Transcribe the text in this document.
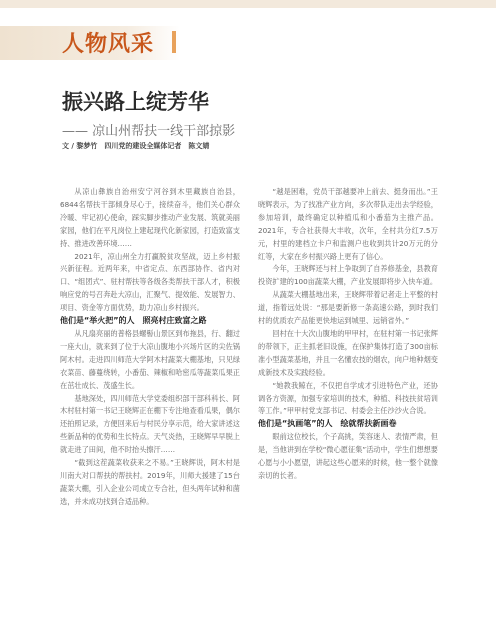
人物风采
振兴路上绽芳华
—— 凉山州帮扶一线干部掠影
文 / 黎梦竹　四川党的建设全媒体记者　陈文婧

从凉山彝族自治州安宁河谷到木里藏族自治县，6844名帮扶干部倾身尽心于，接续奋斗，他们关心群众冷暖、牢记初心使命，踩实脚步推动产业发展、筑就美丽家园，他们在平凡岗位上建起现代化新家园，打造致富支持、推进改善环境……

2021年，凉山州全力打赢脱贫攻坚战，迈上乡村振兴新征程。近两年来，中省定点、东西部协作、省内对口、“组团式”、驻村帮扶等各级各类帮扶干部人才，积极响应党的号召奔赴大凉山，汇聚气、提效能、发展智力、项目、资金等方面优势，助力凉山乡村振兴。

他们是“举火把”的人　照亮村庄致富之路

从凡扇亮丽的普格县螺髻山景区到布拖县，行、翻过一座大山，就来到了位于大凉山腹地小兴场片区的尖佐锅阿木村。走进四川师范大学阿木村蔬菜大棚基地，只见绿衣菜苗、藤蔓绕转，小番茄、辣椒和哈密瓜等蔬菜瓜果正在茁壮成长、茂盛生长。

基地深处，四川师范大学党委组织部干部科科长、阿木村驻村第一书记王晓辉正在棚下专注地查看瓜果，偶尔还拍照记录，方便回来后与村民分享示范，给大家讲述这些新品种的优势和生长特点。天气炎热，王晓辉早早脱上就走进了田间，他不时抬头擦汗……

“截到这茬蔬菜收获来之不易。”王晓辉说，阿木村是川南大对口帮扶的帮扶村。2019年，川师大援建了15台蔬菜大棚，引入企业公司成立专合社，但头两年试种和菌选，并未成功找到合适品种。

“越是困难，党员干部越要冲上前去、挺身而出。”王晓辉表示，为了找准产业方向，多次带队走出去学经验，参加培训，最终确定以种植瓜和小番茄为主推产品。2021年，专合社获得大丰收，次年，全村共分红7.5万元，村里的建档立卡户和监测户也收到共计20万元的分红等，大家在乡村振兴路上更有了信心。

今年，王晓辉还与村上争取到了自养修基金，县教育投资扩建的100亩蔬菜大棚，产业发展即将步入快车道。

从蔬菜大棚基地出来，王晓辉带着记者走上平整的村道，指着远处说：“那是要新修一条高速公路，到时我们村的优质农产品能更快地运到城里、远销省外。”

回村在十大次山腹地的甲甲村，在驻村第一书记张辉的带领下，正主抓老旧设施，在保护集体打造了300亩标准小型蔬菜基地，并且一名懂农技的烟农，向户地种烟变成新技术及实践经验。

“她教我鲸在，不仅把自学成才引进特色产业，还协调各方资源，加强专家培训的技术，种植、科技扶贫培训等工作。”甲甲村党支部书记、村委会主任沙沙火合说。

他们是“执画笔”的人　绘就帮扶新画卷

眼前这位校长，个子高挑，笑容迷人、表情严肃，但是，当他讲到在学校“微心愿征集”活动中，学生们想想要心愿与小小愿望，讲起这些心愿来的时候，他一整个就像亲切的长者。
